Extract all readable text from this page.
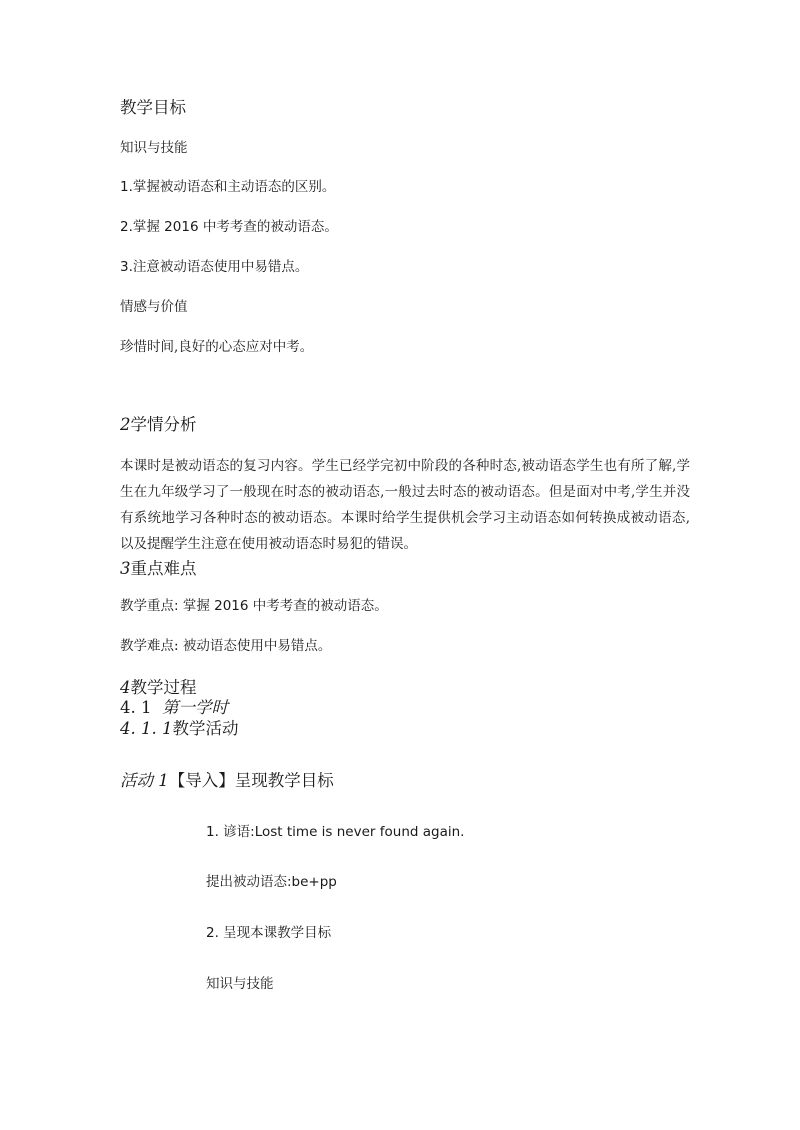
教学目标
知识与技能
1.掌握被动语态和主动语态的区别。
2.掌握 2016 中考考查的被动语态。
3.注意被动语态使用中易错点。
情感与价值
珍惜时间,良好的心态应对中考。
2学情分析
本课时是被动语态的复习内容。学生已经学完初中阶段的各种时态,被动语态学生也有所了解,学生在九年级学习了一般现在时态的被动语态,一般过去时态的被动语态。但是面对中考,学生并没有系统地学习各种时态的被动语态。本课时给学生提供机会学习主动语态如何转换成被动语态,以及提醒学生注意在使用被动语态时易犯的错误。
3重点难点
教学重点: 掌握 2016 中考考查的被动语态。
教学难点: 被动语态使用中易错点。
4教学过程
4. 1 第一学时
4. 1. 1教学活动
活动 1【导入】呈现教学目标
1. 谚语:Lost time is never found again.
提出被动语态:be+pp
2. 呈现本课教学目标
知识与技能
